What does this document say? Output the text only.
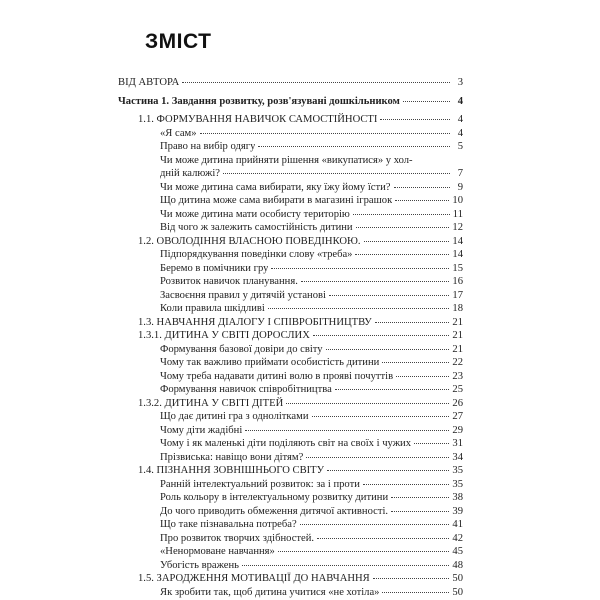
ЗМІСТ
ВІД АВТОРА	3
Частина 1. Завдання розвитку, розв'язувані дошкільником	4
1.1. ФОРМУВАННЯ НАВИЧОК САМОСТІЙНОСТІ	4
«Я сам»	4
Право на вибір одягу	5
Чи може дитина прийняти рішення «викупатися» у хол-
дній калюжі?	7
Чи може дитина сама вибирати, яку їжу йому їсти?	9
Що дитина може сама вибирати в магазині іграшок	10
Чи може дитина мати особисту територію	11
Від чого ж залежить самостійність дитини	12
1.2. ОВОЛОДІННЯ ВЛАСНОЮ ПОВЕДІНКОЮ.	14
Підпорядкування поведінки слову «треба»	14
Беремо в помічники гру	15
Розвиток навичок планування.	16
Засвоєння правил у дитячій установі	17
Коли правила шкідливі	18
1.3. НАВЧАННЯ ДІАЛОГУ І СПІВРОБІТНИЦТВУ	21
1.3.1. ДИТИНА У СВІТІ ДОРОСЛИХ	21
Формування базової довіри до світу	21
Чому так важливо приймати особистість дитини	22
Чому треба надавати дитині волю в прояві почуттів	23
Формування навичок співробітництва	25
1.3.2. ДИТИНА У СВІТІ ДІТЕЙ	26
Що дає дитині гра з однолітками	27
Чому діти жадібні	29
Чому і як маленькі діти поділяють світ на своїх і чужих	31
Прізвиська: навіщо вони дітям?	34
1.4. ПІЗНАННЯ ЗОВНІШНЬОГО СВІТУ	35
Ранній інтелектуальний розвиток: за і проти	35
Роль кольору в інтелектуальному розвитку дитини	38
До чого приводить обмеження дитячої активності.	39
Що таке пізнавальна потреба?	41
Про розвиток творчих здібностей.	42
«Ненормоване навчання»	45
Убогість вражень	48
1.5. ЗАРОДЖЕННЯ МОТИВАЦІЇ ДО НАВЧАННЯ	50
Як зробити так, щоб дитина учитися «не хотіла»	50
